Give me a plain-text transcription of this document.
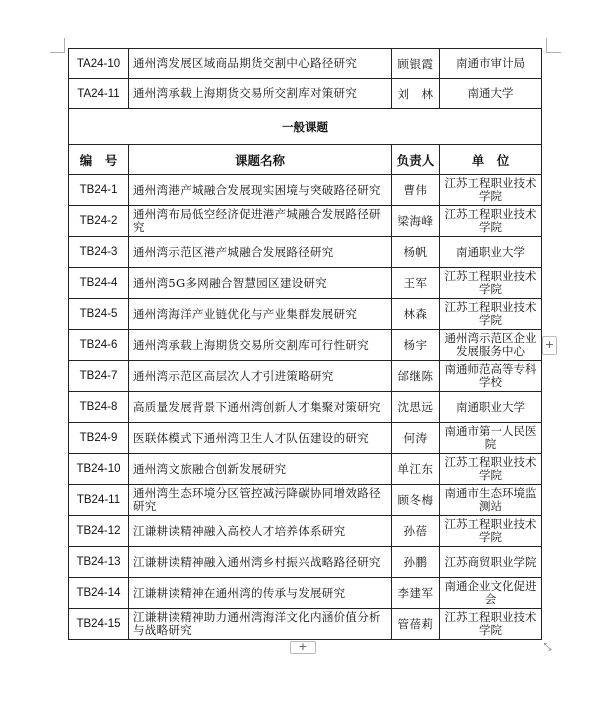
TA24-10	通州湾发展区域商品期货交割中心路径研究	顾银霞	南通市审计局
TA24-11	通州湾承载上海期货交易所交割库对策研究	刘　林	南通大学
一般课题			
编　号	课题名称	负责人	单　位
TB24-1	通州湾港产城融合发展现实困境与突破路径研究	曹伟	江苏工程职业技术学院
TB24-2	通州湾布局低空经济促进港产城融合发展路径研究	梁海峰	江苏工程职业技术学院
TB24-3	通州湾示范区港产城融合发展路径研究	杨帆	南通职业大学
TB24-4	通州湾5G多网融合智慧园区建设研究	王军	江苏工程职业技术学院
TB24-5	通州湾海洋产业链优化与产业集群发展研究	林森	江苏工程职业技术学院
TB24-6	通州湾承载上海期货交易所交割库可行性研究	杨宇	通州湾示范区企业发展服务中心
TB24-7	通州湾示范区高层次人才引进策略研究	邰继陈	南通师范高等专科学校
TB24-8	高质量发展背景下通州湾创新人才集聚对策研究	沈思远	南通职业大学
TB24-9	医联体模式下通州湾卫生人才队伍建设的研究	何涛	南通市第一人民医院
TB24-10	通州湾文旅融合创新发展研究	单江东	江苏工程职业技术学院
TB24-11	通州湾生态环境分区管控减污降碳协同增效路径研究	顾冬梅	南通市生态环境监测站
TB24-12	江谦耕读精神融入高校人才培养体系研究	孙蓓	江苏工程职业技术学院
TB24-13	江谦耕读精神融入通州湾乡村振兴战略路径研究	孙鹏	江苏商贸职业学院
TB24-14	江谦耕读精神在通州湾的传承与发展研究	李建军	南通企业文化促进会
TB24-15	江谦耕读精神助力通州湾海洋文化内涵价值分析与战略研究	管蓓莉	江苏工程职业技术学院
+
+	⤡
